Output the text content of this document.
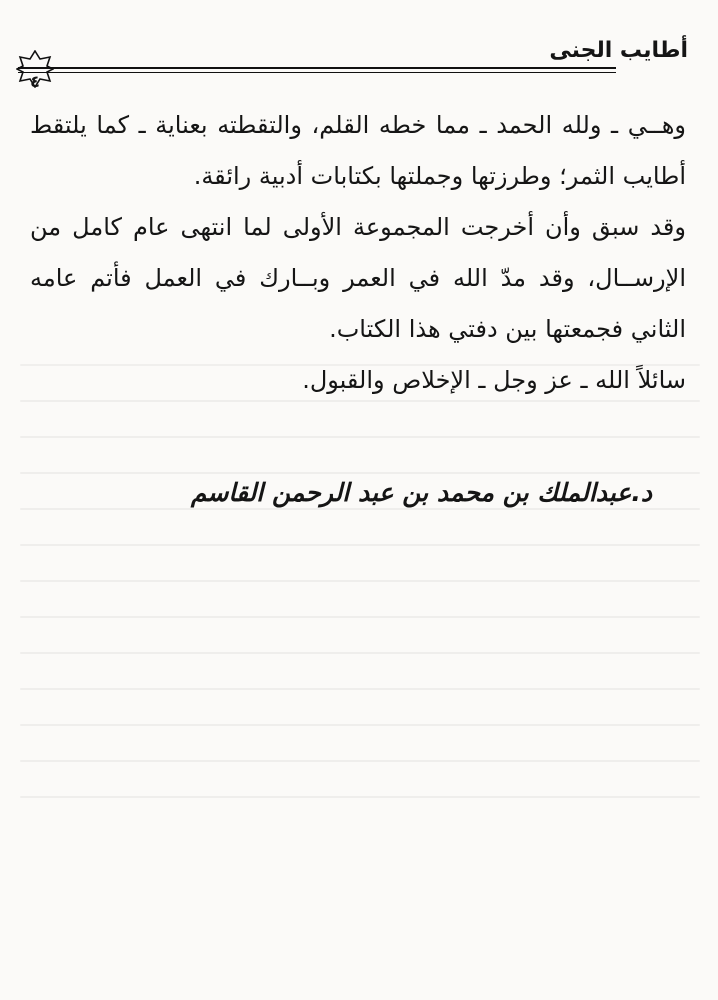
أطايب الجنى
٤

وهــي ـ ولله الحمد ـ مما خطه القلم، والتقطته بعناية ـ كما يلتقط أطايب الثمر؛ وطرزتها وجملتها بكتابات أدبية رائقة.

وقد سبق وأن أخرجت المجموعة الأولى لما انتهى عام كامل من الإرســال، وقد مدّ الله في العمر وبــارك في العمل فأتم عامه الثاني فجمعتها بين دفتي هذا الكتاب.

سائلاً الله ـ عز وجل ـ الإخلاص والقبول.

د.عبدالملك بن محمد بن عبد الرحمن القاسم
